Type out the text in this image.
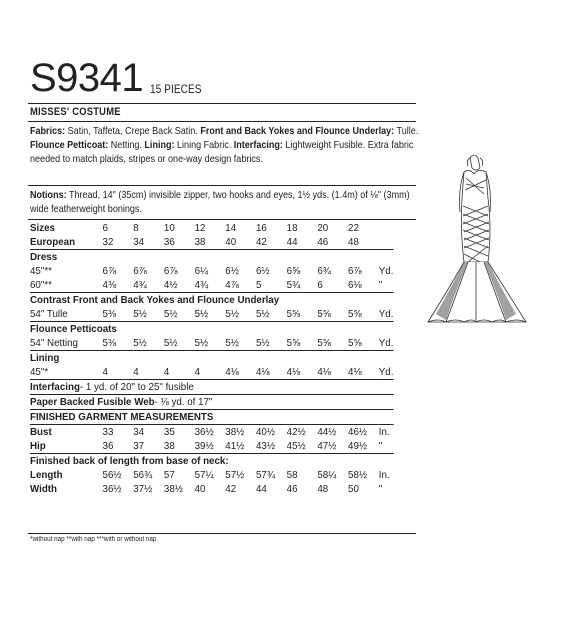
S9341 15 PIECES
MISSES' COSTUME
Fabrics: Satin, Taffeta, Crepe Back Satin. Front and Back Yokes and Flounce Underlay: Tulle. Flounce Petticoat: Netting. Lining: Lining Fabric. Interfacing: Lightweight Fusible. Extra fabric needed to match plaids, stripes or one-way design fabrics.
Notions: Thread, 14" (35cm) invisible zipper, two hooks and eyes, 1½ yds. (1.4m) of ⅛" (3mm) wide featherweight bonings.
Sizes	6	8	10	12	14	16	18	20	22	
European	32	34	36	38	40	42	44	46	48	
Dress										
45"**	6⅞	6⅞	6⅞	6¼	6½	6½	6⅝	6¾	6⅞	Yd.
60"**	4⅜	4¾	4½	4¾	4⅞	5	5¾	6	6⅛	"
Contrast Front and Back Yokes and Flounce Underlay										
54" Tulle	5⅜	5½	5½	5½	5½	5½	5⅝	5⅝	5⅝	Yd.
Flounce Petticoats										
54" Netting	5⅜	5½	5½	5½	5½	5½	5⅝	5⅝	5⅝	Yd.
Lining										
45"*	4	4	4	4	4⅛	4⅛	4⅛	4⅛	4⅛	Yd.
Interfacing- 1 yd. of 20" to 25" fusible										
Paper Backed Fusible Web- ⅛ yd. of 17"										
FINISHED GARMENT MEASUREMENTS										
Bust	33	34	35	36½	38½	40½	42½	44½	46½	In.
Hip	36	37	38	39½	41½	43½	45½	47½	49½	"
Finished back of length from base of neck:										
Length	56½	56¾	57	57¼	57½	57¾	58	58¼	58½	In.
Width	36½	37½	38½	40	42	44	46	48	50	"
*without nap **with nap ***with or without nap
